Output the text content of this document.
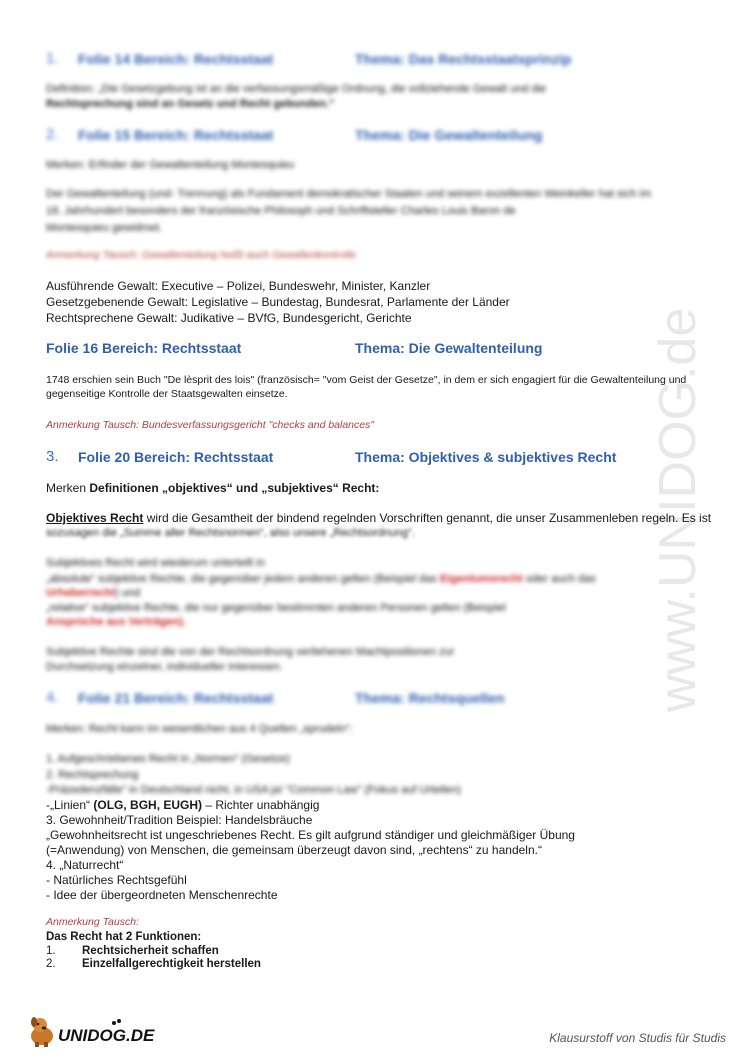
www.UNIDOG.de
1. Folie 14 Bereich: Rechtsstaat	Thema: Das Rechtsstaatsprinzip
Definition: „Die Gesetzgebung ist an die verfassungsmäßige Ordnung, die vollziehende Gewalt und die
Rechtsprechung sind an Gesetz und Recht gebunden.“
2. Folie 15 Bereich: Rechtsstaat	Thema: Die Gewaltenteilung
Merken: Erfinder der Gewaltenteilung Montesquieu
Der Gewaltenteilung (und- Trennung) als Fundament demokratischer Staaten und seinem exzellenten Weinkeller hat sich im
18. Jahrhundert besonders der französische Philosoph und Schriftsteller Charles Louis Baron de
Montesquieu gewidmet.
Anmerkung Tausch: Gewaltenteilung heißt auch Gewaltenkontrolle
Ausführende Gewalt: Executive – Polizei, Bundeswehr, Minister, Kanzler
Gesetzgebenende Gewalt: Legislative – Bundestag, Bundesrat, Parlamente der Länder
Rechtsprechene Gewalt: Judikative – BVfG, Bundesgericht, Gerichte
Folie 16 Bereich: Rechtsstaat	Thema: Die Gewaltenteilung
1748 erschien sein Buch "De lèsprit des lois" (französisch= "vom Geist der Gesetze", in dem er sich engagiert für die Gewaltenteilung und
gegenseitige Kontrolle der Staatsgewalten einsetze.
Anmerkung Tausch: Bundesverfassungsgericht "checks and balances"
3. Folie 20 Bereich: Rechtsstaat	Thema: Objektives & subjektives Recht
Merken Definitionen „objektives“ und „subjektives“ Recht:
Objektives Recht wird die Gesamtheit der bindend regelnden Vorschriften genannt, die unser Zusammenleben regeln. Es ist
sozusagen die „Summe aller Rechtsnormen“, also unsere „Rechtsordnung“.
Subjektives Recht wird wiederum unterteilt in
„absolute“ subjektive Rechte, die gegenüber jedem anderen gelten (Beispiel das Eigentumsrecht oder auch das
Urheberrecht) und
„relative“ subjektive Rechte, die nur gegenüber bestimmten anderen Personen gelten (Beispiel
Ansprüche aus Verträgen).
Subjektive Rechte sind die von der Rechtsordnung verliehenen Machtpositionen zur
Durchsetzung einzelner, individueller Interessen.
4. Folie 21 Bereich: Rechtsstaat	Thema: Rechtsquellen
Merken: Recht kann im wesentlichen aus 4 Quellen „sprudeln“:
1. Aufgeschriebenes Recht in „Normen“ (Gesetze)
2. Rechtsprechung
-Präzedenzfälle“ in Deutschland nicht, in USA ja! "Common Law" (Fokus auf Urteilen)
-„Linien“ (OLG, BGH, EUGH) – Richter unabhängig
3. Gewohnheit/Tradition Beispiel: Handelsbräuche
„Gewohnheitsrecht ist ungeschriebenes Recht. Es gilt aufgrund ständiger und gleichmäßiger Übung
(=Anwendung) von Menschen, die gemeinsam überzeugt davon sind, „rechtens“ zu handeln.“
4. „Naturrecht“
- Natürliches Rechtsgefühl
- Idee der übergeordneten Menschenrechte
Anmerkung Tausch:
Das Recht hat 2 Funktionen:
1. Rechtsicherheit schaffen
2. Einzelfallgerechtigkeit herstellen
UNIDOG.DE	Klausurstoff von Studis für Studis
